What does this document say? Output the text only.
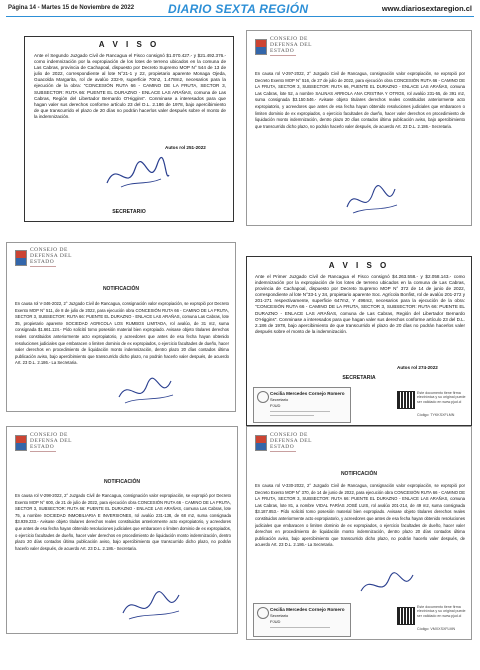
Página 14 - Martes 15 de Noviembre de 2022	DIARIO SEXTA REGIÓN	www.diariosextaregion.cl
A V I S O
Ante el Segundo Juzgado Civil de Rancagua el Fisco consignó $1.070.427.- y $21.492.376.- como indemnización por la expropiación de los lotes de terreno ubicados en la comuna de Las Cabras, provincia de Cachapoal, dispuesto por Decreto Supremo MOP N° 544 de 13 de julio de 2022, correspondiente al lote N°21-1 y 22, propietario aparente Monaga Ojeda, Guacolda Margarita, rol de avalúo 232-9, superficie 70m2, 1.478m2, necesarios para la ejecución de la obra: "CONCESIÓN RUTA 66 - CAMINO DE LA FRUTA, SECTOR 3, SUBSECTOR: RUTA 66: PUENTE EL DURAZNO - ENLACE LAS ARAÑAS, comuna de Las Cabras, Región del Libertador Bernardo O'Higgins". Conminase a interesados para que hagan valer sus derechos conforme artículo 23 del D.L. 2.186 de 1978, bajo apercibimiento de que transcurrido el plazo de 20 días no podrán hacerlos valer después sobre el monto de la indemnización.
Autos rol 251-2022
SECRETARIO
CONSEJO DE
DEFENSA DEL
ESTADO
En causa rol V-297-2022, 2° Juzgado Civil de Rancagua, consignación valor expropiación, se expropió por Decreto Exento MOP N° 516, de 27 de julio de 2022, para ejecución obra CONCESIÓN RUTA 66 - CAMINO DE LA FRUTA, SECTOR 3, SUBSECTOR: RUTA 66, PUENTE EL DURAZNO - ENLACE LAS ARAÑAS, comuna Las Cabras, lote 52, a nombre SALINAS ARRIOLA ANA CRISTINA Y OTROS, rol avalúo 231-55, de 391 m2, suma consignada $3.150.546.- Avisase objeto titulares derechos reales constituidos anteriormente acto expropiatorio, y acreedores que antes de esa fecha hayan obtenido resoluciones judiciales que embaracen o limiten dominio de ex expropiados, o ejercicio facultades de dueño, hacer valer derechos en procedimiento de liquidación monto indemnización, dentro plazo 20 días contados última publicación aviso, bajo apercibimiento que transcurrido dicho plazo, no podrán hacerlo valer después, de acuerdo Art. 23 D.L. 2.186.- Secretaria.
CONSEJO DE
DEFENSA DEL
ESTADO
NOTIFICACIÓN
En causa rol V-346-2022, 2° Juzgado Civil de Rancagua, consignación valor expropiación, se expropió por Decreto Exento MOP N° 511, de 8 de julio de 2022, para ejecución obra CONCESIÓN RUTA 66 - CAMINO DE LA FRUTA, SECTOR 3, SUBSECTOR: RUTA 66: PUENTE EL DURAZNO - ENLACE LAS ARAÑAS, comuna Las Cabras, lote 35, propietario aparente SOCIEDAD AGRICOLA LOS RUMBOS LIMITADA, rol avalúo, de 31 m2, suma consignada $1.661.124.- Pído solicitó tomo posesión material bien expropiado. Avisase objeto titulares derechos reales constituidos anteriormente acto expropiatorio, y acreedores que antes de esa fecha hayan obtenido resoluciones judiciales que embaracen o limiten dominio de ex expropiados, o ejercicio facultades de dueño, hacer valer derechos en procedimiento de liquidación monto indemnización, dentro plazo 20 días contados última publicación aviso, bajo apercibimiento que transcurrido dicho plazo, no podrán hacerlo valer después, de acuerdo Art. 23 D.L. 2.186.- La Secretaria.
A V I S O
Ante el Primer Juzgado Civil de Rancagua el Fisco consignó $4.263.558.- y $2.058.143.- como indemnización por la expropiación de los lotes de terreno ubicados en la comuna de Las Cabras, provincia de Cachapoal, dispuesto por Decreto Supremo MOP N° 372 de 14 de junio de 2022, correspondiente al lote N°33-1 y 34, propietario aparente Soc. Agrícola Bonfist, rol de avalúo 201-272 y 201-271 respectivamente, superficie 647m2, Y 496m2, necesarios para la ejecución de la obra: "CONCESIÓN RUTA 66 - CAMINO DE LA FRUTA, SECTOR 3, SUBSECTOR: RUTA 66: PUENTE EL DURAZNO - ENLACE LAS ARAÑAS, comuna de Las Cabras, Región del Libertador Bernardo O'Higgins". Conminase a interesados para que hagan valer sus derechos conforme artículo 23 del D.L. 2.186 de 1978, bajo apercibimiento de que transcurrido el plazo de 20 días no podrán hacerlos valer después sobre el monto de la indemnización.
Autos rol 274-2022
SECRETARIA
Cecilia Mercedes Cornejo Romero
Secretario
PJUD
Este documento tiene firma electrónica y su original puede ser validado en www.pjud.cl
Código: TYKKSXFLMN
CONSEJO DE
DEFENSA DEL
ESTADO
NOTIFICACIÓN
En causa rol V-298-2022, 2° Juzgado Civil de Rancagua, consignación valor expropiación, se expropió por Decreto Exento MOP N° 600, de 21 de julio de 2022, para ejecución obra CONCESIÓN RUTA 66 - CAMINO DE LA FRUTA, SECTOR 3, SUBSECTOR: RUTA 66: PUENTE EL DURAZNO - ENLACE LAS ARAÑAS, comuna Las Cabras, lote 75, a nombre SOCIEDAD INMOBILIARIA E INVERSIONES, rol avalúo 231-138, de 68 m2, suma consignada $3.939.233.- Avisase objeto titulares derechos reales constituidos anteriormente acto expropiatorio, y acreedores que antes de esa fecha hayan obtenido resoluciones judiciales que embaracen o limiten dominio de ex expropiados, o ejercicio facultades de dueño, hacer valer derechos en procedimiento de liquidación monto indemnización, dentro plazo 20 días contados última publicación aviso, bajo apercibimiento que transcurrido dicho plazo, no podrán hacerlo valer después, de acuerdo Art. 23 D.L. 2.186.- Secretaria.
CONSEJO DE
DEFENSA DEL
ESTADO
NOTIFICACIÓN
En causa rol V-330-2022, 2° Juzgado Civil de Rancagua, consignación valor expropiación, se expropió por Decreto Exento MOP N° 370, de 14 de junio de 2022, para ejecución obra CONCESIÓN RUTA 66 - CAMINO DE LA FRUTA, SECTOR 3, SUBSECTOR: RUTA 66: PUENTE EL DURAZNO - ENLACE LAS ARAÑAS, comuna Las Cabras, lote 81, a nombre VIDAL FARÍAS JOSÉ LUIS, rol avalúo 201-214, de 49 m2, suma consignada $3.187.853.- Pído solicitó tomo posesión material bien expropiado. Avisase objeto titulares derechos reales constituidos anteriormente acto expropiatorio, y acreedores que antes de esa fecha hayan obtenido resoluciones judiciales que embaracen o limiten dominio de ex expropiados, o ejercicio facultades de dueño, hacer valer derechos en procedimiento de liquidación monto indemnización, dentro plazo 20 días contados última publicación aviso, bajo apercibimiento que transcurrido dicho plazo, no podrán hacerlo valer después, de acuerdo Art. 23 D.L. 2.186.- La Secretaria.
Cecilia Mercedes Cornejo Romero
Secretario
PJUD
Este documento tiene firma electrónica y su original puede ser validado en www.pjud.cl
Código: VMXXSXFLMN
